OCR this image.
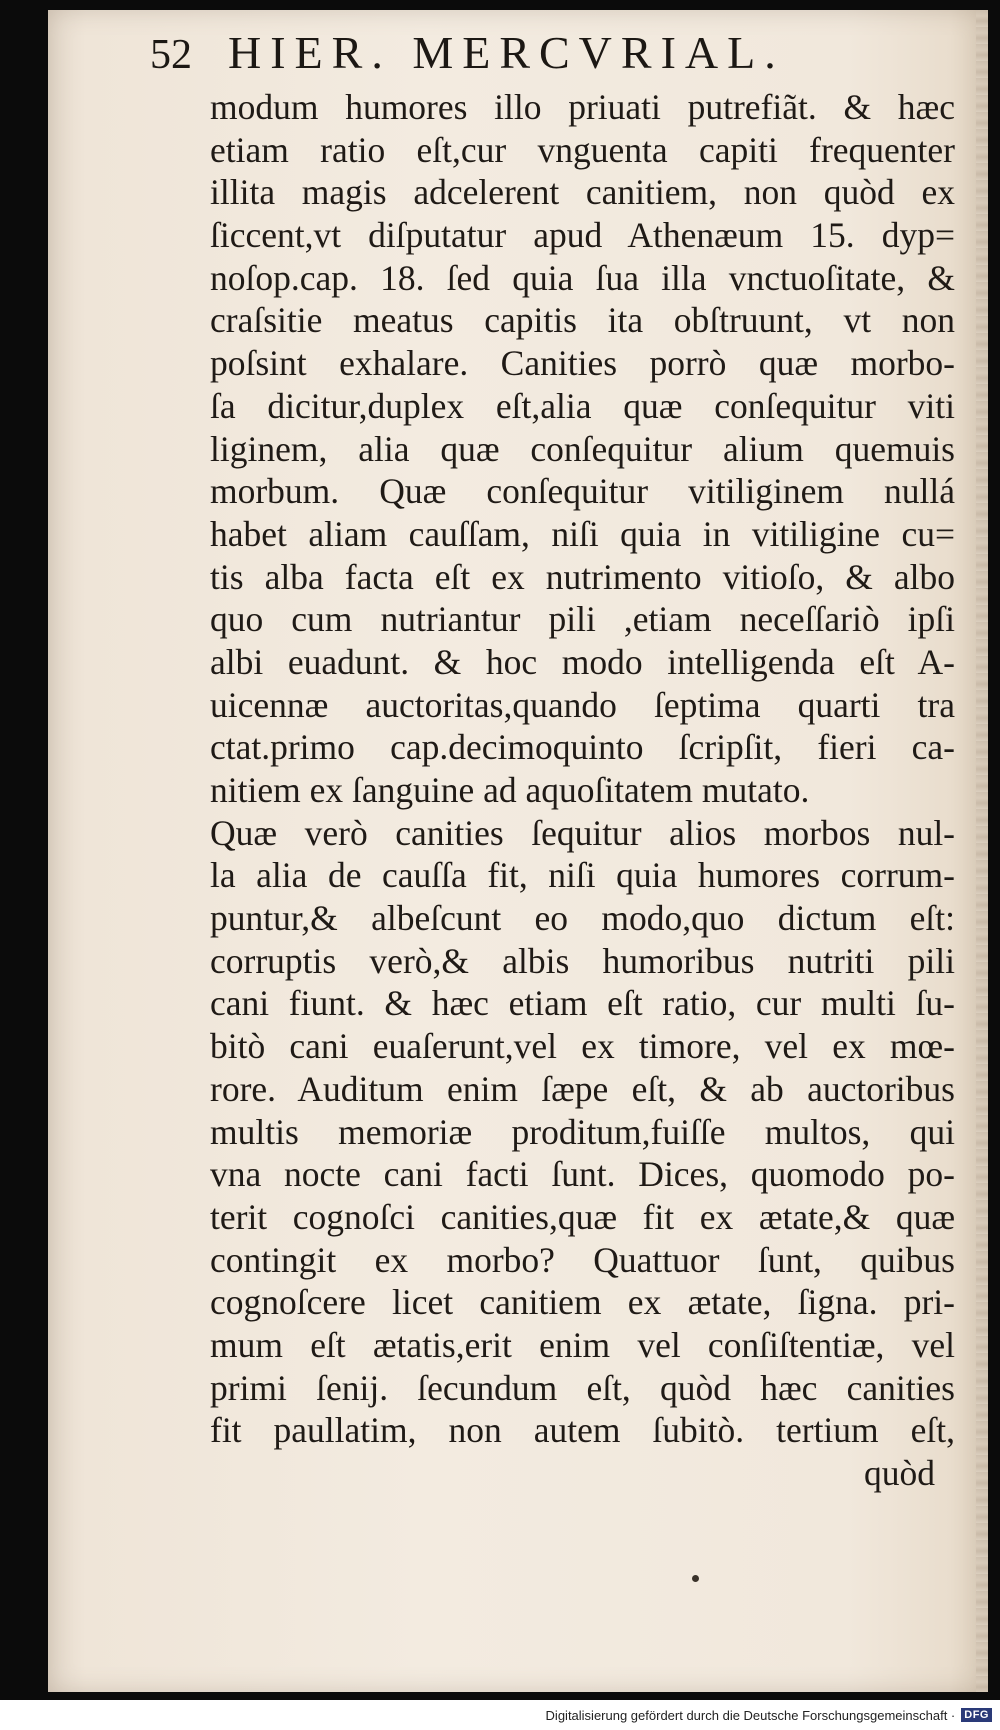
52 HIER. MERCVRIAL.
modum humores illo priuati putrefiãt. & hæc
etiam ratio eſt,cur vnguenta capiti frequenter
illita magis adcelerent canitiem, non quòd ex
ſiccent,vt diſputatur apud Athenæum 15. dyp=
noſop.cap. 18. ſed quia ſua illa vnctuoſitate, &
craſsitie meatus capitis ita obſtruunt, vt non
poſsint exhalare. Canities porrò quæ morbo-
ſa dicitur,duplex eſt,alia quæ conſequitur viti
liginem, alia quæ conſequitur alium quemuis
morbum. Quæ conſequitur vitiliginem nullá
habet aliam cauſſam, niſi quia in vitiligine cu=
tis alba facta eſt ex nutrimento vitioſo, & albo
quo cum nutriantur pili ,etiam neceſſariò ipſi
albi euadunt. & hoc modo intelligenda eſt A-
uicennæ auctoritas,quando ſeptima quarti tra
ctat.primo cap.decimoquinto ſcripſit, fieri ca-
nitiem ex ſanguine ad aquoſitatem mutato.
Quæ verò canities ſequitur alios morbos nul-
la alia de cauſſa fit, niſi quia humores corrum-
puntur,& albeſcunt eo modo,quo dictum eſt:
corruptis verò,& albis humoribus nutriti pili
cani fiunt. & hæc etiam eſt ratio, cur multi ſu-
bitò cani euaſerunt,vel ex timore, vel ex mœ-
rore. Auditum enim ſæpe eſt, & ab auctoribus
multis memoriæ proditum,fuiſſe multos, qui
vna nocte cani facti ſunt. Dices, quomodo po-
terit cognoſci canities,quæ fit ex ætate,& quæ
contingit ex morbo? Quattuor ſunt, quibus
cognoſcere licet canitiem ex ætate, ſigna. pri-
mum eſt ætatis,erit enim vel conſiſtentiæ, vel
primi ſenij. ſecundum eſt, quòd hæc canities
fit paullatim, non autem ſubitò. tertium eſt,
quòd
Digitalisierung gefördert durch die Deutsche Forschungsgemeinschaft · DFG
